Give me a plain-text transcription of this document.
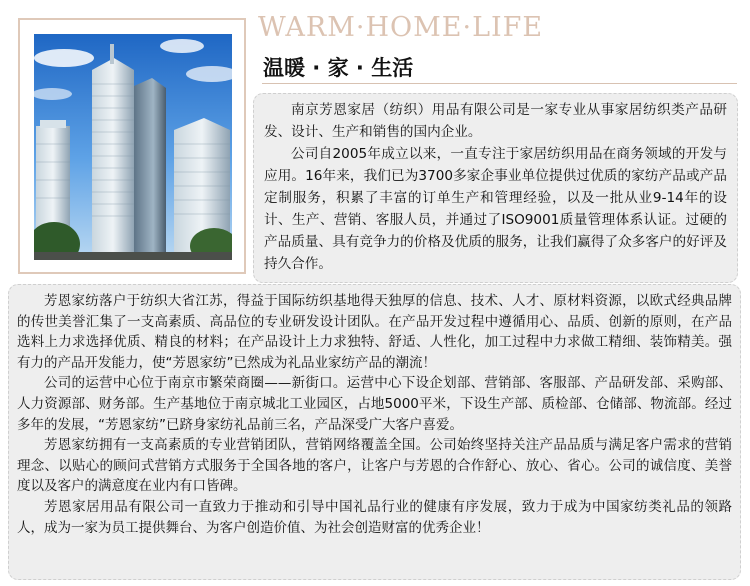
WARM·HOME·LIFE
温暖 · 家 · 生活

南京芳恩家居（纺织）用品有限公司是一家专业从事家居纺织类产品研发、设计、生产和销售的国内企业。

公司自2005年成立以来，一直专注于家居纺织用品在商务领域的开发与应用。16年来，我们已为3700多家企事业单位提供过优质的家纺产品或产品定制服务，积累了丰富的订单生产和管理经验，以及一批从业9-14年的设计、生产、营销、客服人员，并通过了ISO9001质量管理体系认证。过硬的产品质量、具有竞争力的价格及优质的服务，让我们赢得了众多客户的好评及持久合作。

芳恩家纺落户于纺织大省江苏，得益于国际纺织基地得天独厚的信息、技术、人才、原材料资源，以欧式经典品牌的传世美誉汇集了一支高素质、高品位的专业研发设计团队。在产品开发过程中遵循用心、品质、创新的原则，在产品选料上力求选择优质、精良的材料；在产品设计上力求独特、舒适、人性化，加工过程中力求做工精细、装饰精美。强有力的产品开发能力，使“芳恩家纺”已然成为礼品业家纺产品的潮流！

公司的运营中心位于南京市繁荣商圈——新街口。运营中心下设企划部、营销部、客服部、产品研发部、采购部、人力资源部、财务部。生产基地位于南京城北工业园区，占地5000平米，下设生产部、质检部、仓储部、物流部。经过多年的发展，“芳恩家纺”已跻身家纺礼品前三名，产品深受广大客户喜爱。

芳恩家纺拥有一支高素质的专业营销团队，营销网络覆盖全国。公司始终坚持关注产品品质与满足客户需求的营销理念、以贴心的顾问式营销方式服务于全国各地的客户，让客户与芳恩的合作舒心、放心、省心。公司的诚信度、美誉度以及客户的满意度在业内有口皆碑。

芳恩家居用品有限公司一直致力于推动和引导中国礼品行业的健康有序发展，致力于成为中国家纺类礼品的领路人，成为一家为员工提供舞台、为客户创造价值、为社会创造财富的优秀企业！
